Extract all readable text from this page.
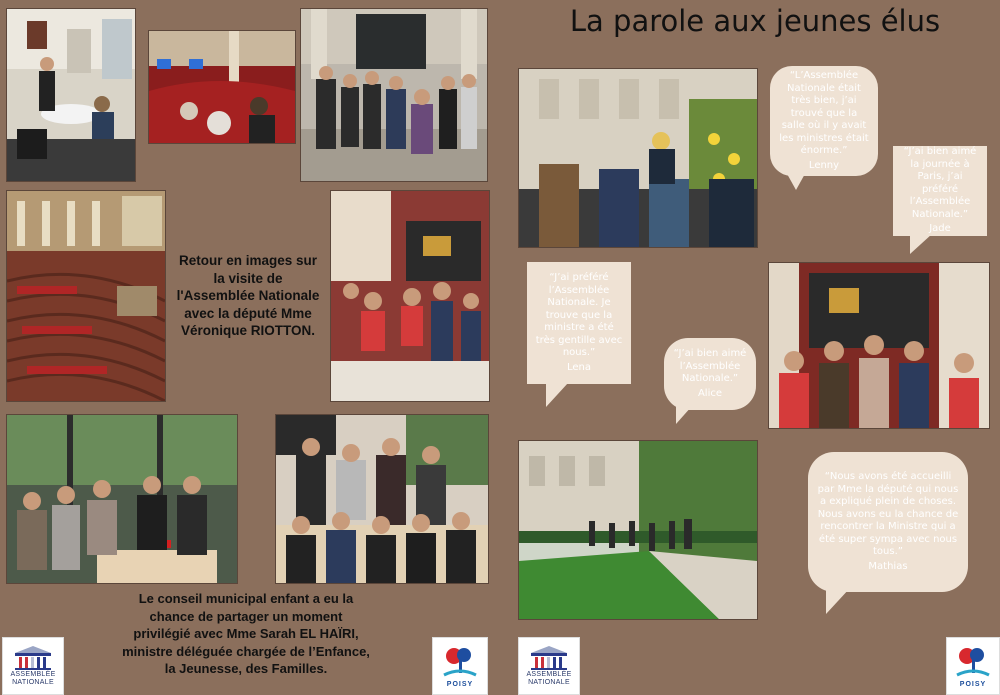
La parole aux jeunes élus
Retour en images sur
la visite de
l'Assemblée Nationale
avec la député Mme
Véronique RIOTTON.
Le conseil municipal enfant a eu la
chance de partager un moment
privilégié avec Mme Sarah EL HAÏRI,
ministre déléguée chargée de l’Enfance,
la Jeunesse, des Familles.
“L’Assemblée Nationale était très bien, j’ai trouvé que la salle où il y avait les ministres était énorme.”
Lenny
“J’ai bien aimé la journée à Paris, j’ai préféré l’Assemblée Nationale.”
Jade
“J’ai préféré l’Assemblée Nationale. Je trouve que la ministre a été très gentille avec nous.”
Lena
“J’ai bien aimé l’Assemblée Nationale.”
Alice
“Nous avons été accueilli par Mme la député qui nous a expliqué plein de choses. Nous avons eu la chance de rencontrer la Ministre qui a été super sympa avec nous tous.”
Mathias
ASSEMBLÉE
NATIONALE	POISY
ASSEMBLÉE
NATIONALE	POISY
